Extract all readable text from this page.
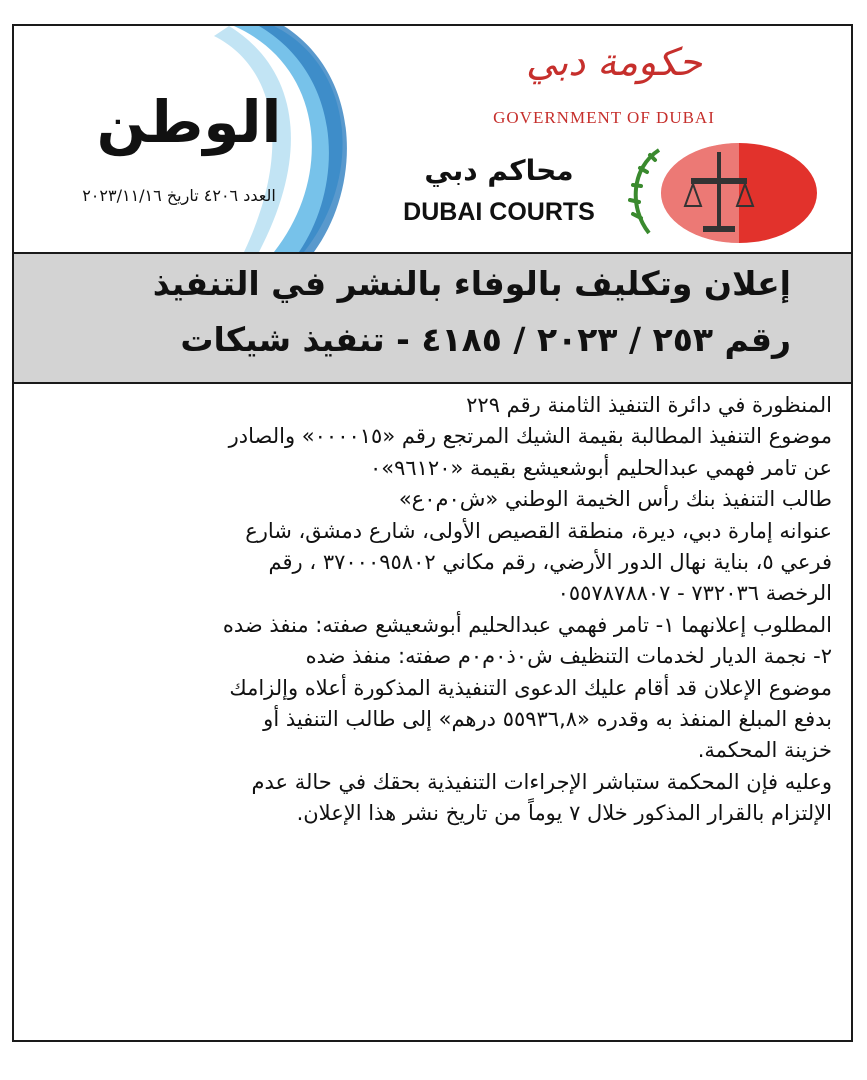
الوطن
العدد ٤٢٠٦ تاريخ ٢٠٢٣/١١/١٦
حكومة دبي
GOVERNMENT OF DUBAI
محاكم دبي
DUBAI COURTS
إعلان وتكليف بالوفاء بالنشر في التنفيذ
رقم ٢٥٣ / ٢٠٢٣ / ٤١٨٥ - تنفيذ شيكات

المنظورة في دائرة التنفيذ الثامنة رقم ٢٢٩

موضوع التنفيذ المطالبة بقيمة الشيك المرتجع رقم «٠٠٠٠١٥» والصادر

عن تامر فهمي عبدالحليم أبوشعيشع بقيمة «٩٦١٢٠»٠

طالب التنفيذ بنك رأس الخيمة الوطني «ش٠م٠ع»

عنوانه إمارة دبي، ديرة، منطقة القصيص الأولى، شارع دمشق، شارع

فرعي ٥، بناية نهال الدور الأرضي، رقم مكاني ٣٧٠٠٠٩٥٨٠٢ ، رقم

الرخصة ٧٣٢٠٣٦ - ٠٥٥٧٨٧٨٨٠٧

المطلوب إعلانهما ١- تامر فهمي عبدالحليم أبوشعيشع صفته: منفذ ضده

٢- نجمة الديار لخدمات التنظيف ش٠ذ٠م٠م صفته: منفذ ضده

موضوع الإعلان قد أقام عليك الدعوى التنفيذية المذكورة أعلاه وإلزامك

بدفع المبلغ المنفذ به وقدره «٥٥٩٣٦,٨ درهم» إلى طالب التنفيذ أو

خزينة المحكمة.

وعليه فإن المحكمة ستباشر الإجراءات التنفيذية بحقك في حالة عدم

الإلتزام بالقرار المذكور خلال ٧ يوماً من تاريخ نشر هذا الإعلان.
